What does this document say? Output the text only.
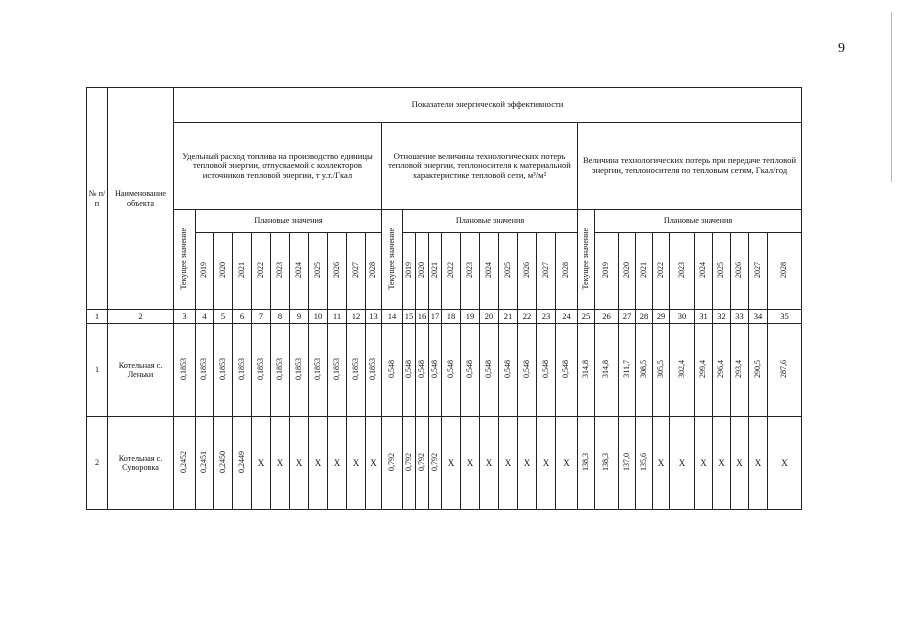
9
№ п/п	Наименование объекта	Показатели энергической эффективности																																
		Удельный расход топлива на производство единицы тепловой энергии, отпускаемой с коллекторов источников тепловой энергии, т у.т./Гкал											Отношение величины технологических потерь тепловой энергии, теплоносителя к материальной характеристике тепловой сети, м³/м²											Величина технологических потерь при передаче тепловой энергии, теплоносителя по тепловым сетям, Гкал/год										
		Текущее значение	Плановые значения										Текущее значение	Плановые значения										Текущее значение	Плановые значения									
			2019	2020	2021	2022	2023	2024	2025	2026	2027	2028		2019	2020	2021	2022	2023	2024	2025	2026	2027	2028		2019	2020	2021	2022	2023	2024	2025	2026	2027	2028
1	2	3	4	5	6	7	8	9	10	11	12	13	14	15	16	17	18	19	20	21	22	23	24	25	26	27	28	29	30	31	32	33	34	35
1	Котельная с. Леньки	0,1853	0,1853	0,1853	0,1853	0,1853	0,1853	0,1853	0,1853	0,1853	0,1853	0,1853	0,548	0,548	0,548	0,548	0,548	0,548	0,548	0,548	0,548	0,548	0,548	314,8	314,8	311,7	308,5	305,5	302,4	299,4	296,4	293,4	290,5	287,6
2	Котельная с. Суворовка	0,2452	0,2451	0,2450	0,2449	Х	Х	Х	Х	Х	Х	Х	0,792	0,792	0,792	0,792	Х	Х	Х	Х	Х	Х	Х	138,3	138,3	137,0	135,6	Х	Х	Х	Х	Х	Х	Х
